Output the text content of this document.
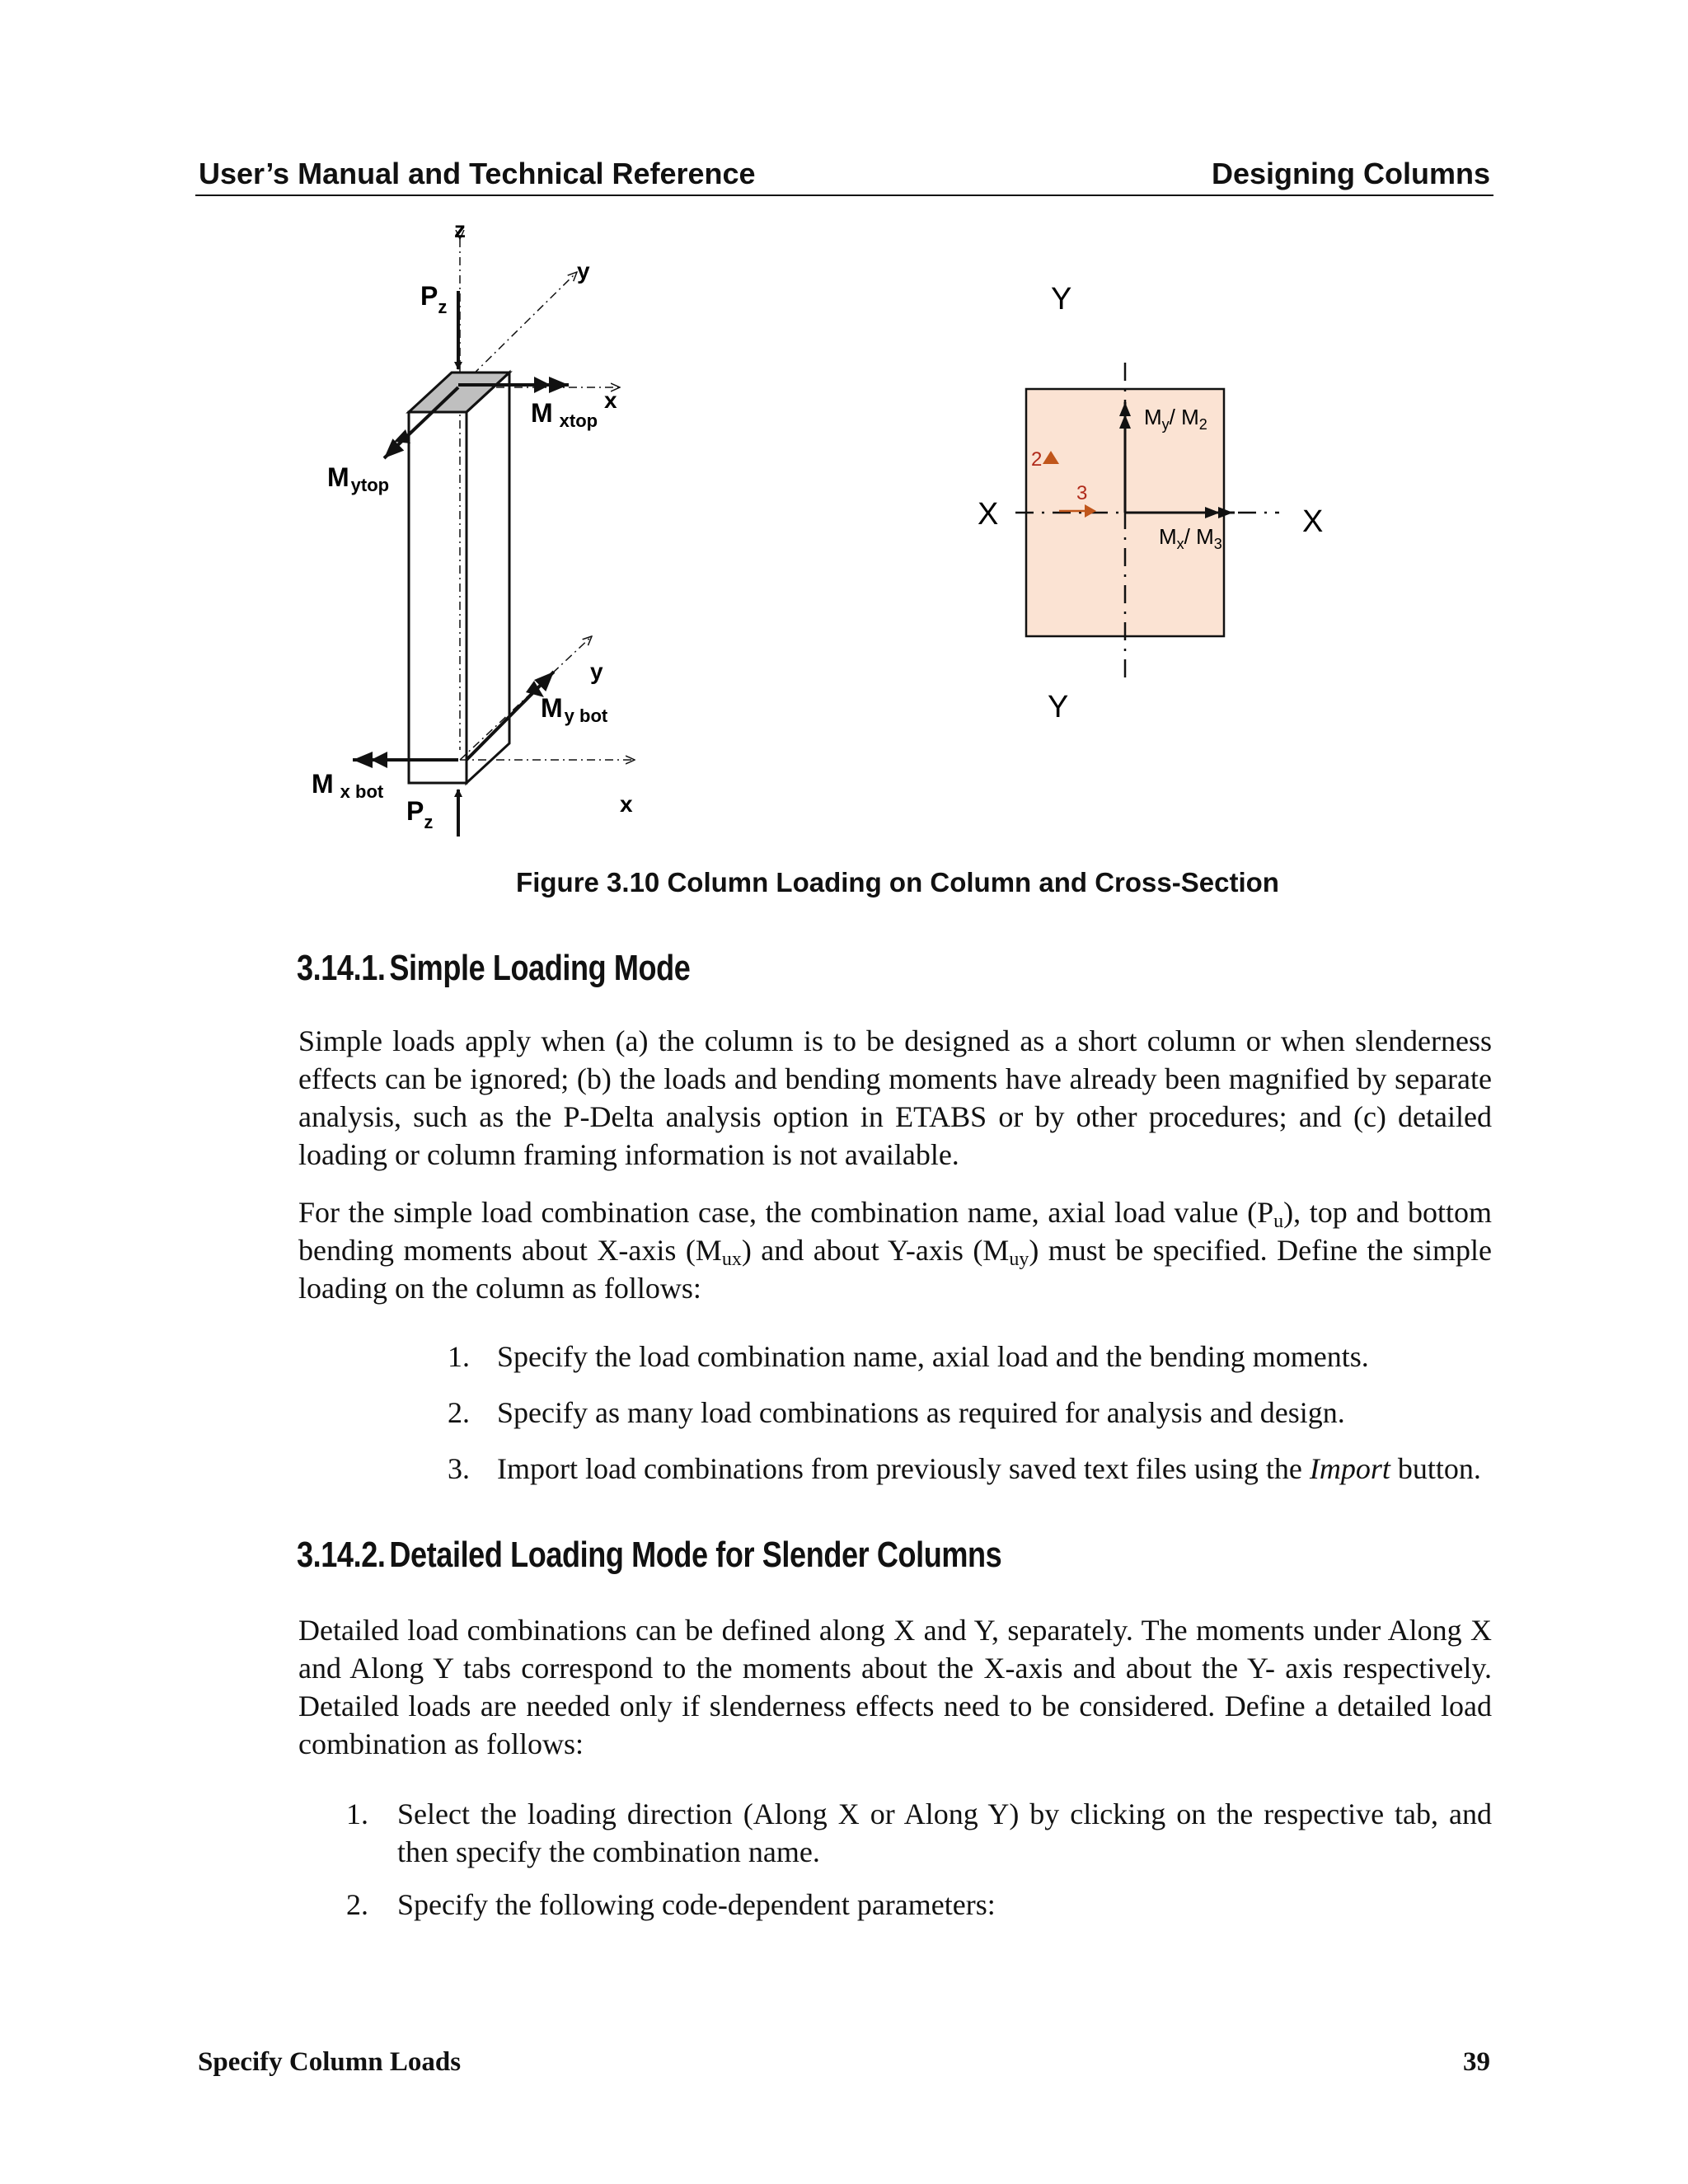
User’s Manual and Technical Reference	Designing Columns
z
y
x
y
x
$P_z$
$P_z$
M xtop
Mytop
My bot
M x bot
Y
Y
X	X
2
3
$M_y/$ $M_2$
$M_x/$ $M_3$
Figure 3.10 Column Loading on Column and Cross-Section
3.14.1. Simple Loading Mode

Simple loads apply when (a) the column is to be designed as a short column or when slenderness effects can be ignored; (b) the loads and bending moments have already been magnified by separate analysis, such as the P-Delta analysis option in ETABS or by other procedures; and (c) detailed loading or column framing information is not available.

For the simple load combination case, the combination name, axial load value $(P_u)$, top and bottom bending moments about X-axis $(M_{ux})$ and about Y-axis $(M_{uy})$ must be specified. Define the simple loading on the column as follows:

1. Specify the load combination name, axial load and the bending moments.
2. Specify as many load combinations as required for analysis and design.
3. Import load combinations from previously saved text files using the Import button.
3.14.2. Detailed Loading Mode for Slender Columns

Detailed load combinations can be defined along X and Y, separately. The moments under Along X and Along Y tabs correspond to the moments about the X-axis and about the Y- axis respectively. Detailed loads are needed only if slenderness effects need to be considered. Define a detailed load combination as follows:

1. Select the loading direction (Along X or Along Y) by clicking on the respective tab, and then specify the combination name.
2. Specify the following code-dependent parameters:
Specify Column Loads	39
